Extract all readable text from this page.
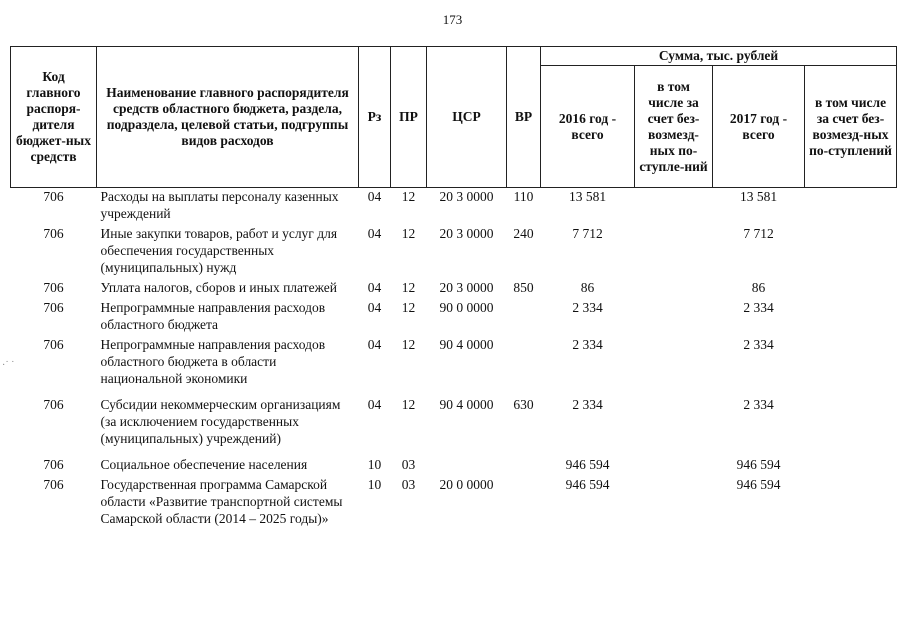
173
·˙ ˙
Код главного распоря-дителя бюджет-ных средств	Наименование главного распорядителя средств областного бюджета, раздела, подраздела, целевой статьи, подгруппы видов расходов	Рз	ПР	ЦСР	ВР	Сумма, тыс. рублей			
						2016 год - всего	в том числе за счет без-возмезд-ных по-ступле-ний	2017 год - всего	в том числе за счет без-возмезд-ных по-ступлений
706	Расходы на выплаты персоналу казенных учреждений	04	12	20 3 0000	110	13 581		13 581	
706	Иные закупки товаров, работ и услуг для обеспечения государственных (муниципальных) нужд	04	12	20 3 0000	240	7 712		7 712	
706	Уплата налогов, сборов и иных платежей	04	12	20 3 0000	850	86		86	
706	Непрограммные направления расходов областного бюджета	04	12	90 0 0000		2 334		2 334	
706	Непрограммные направления расходов областного бюджета в области национальной экономики	04	12	90 4 0000		2 334		2 334	
706	Субсидии некоммерческим организациям (за исключением государственных (муниципальных) учреждений)	04	12	90 4 0000	630	2 334		2 334	
706	Социальное обеспечение населения	10	03			946 594		946 594	
706	Государственная программа Самарской области «Развитие транспортной системы Самарской области (2014 – 2025 годы)»	10	03	20 0 0000		946 594		946 594	
